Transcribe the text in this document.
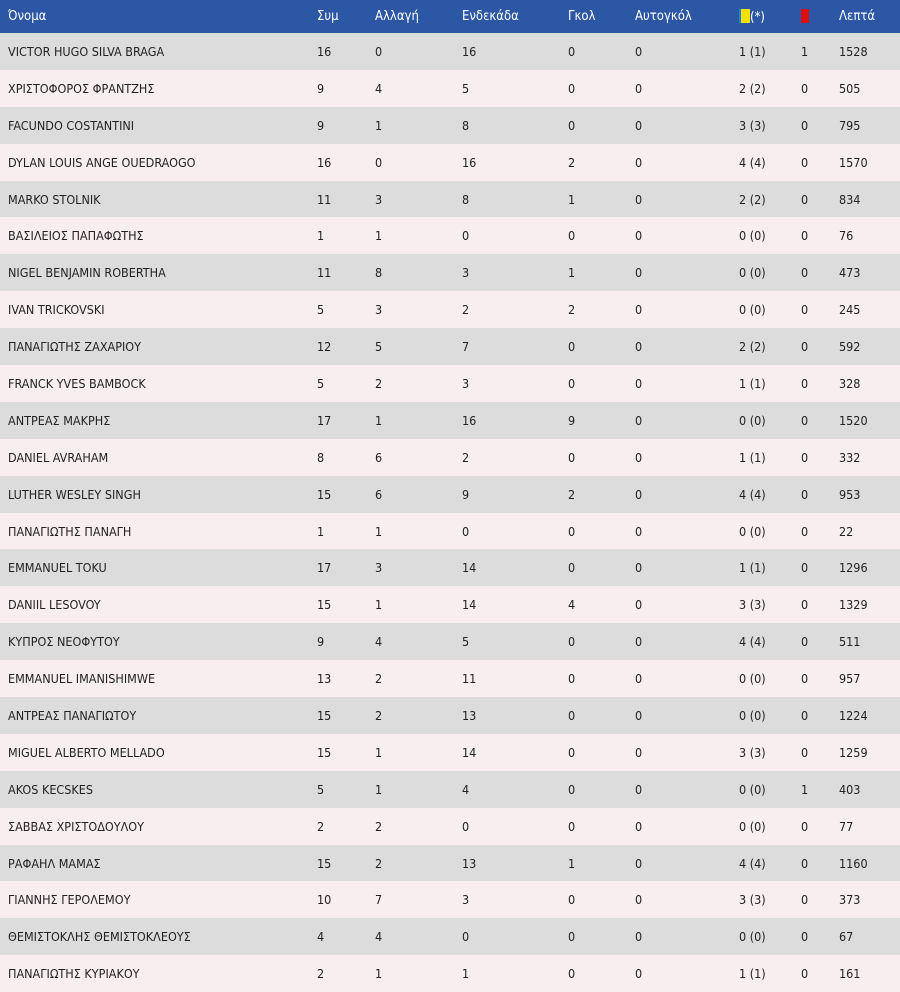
Όνομα	Συμ	Αλλαγή	Ενδεκάδα	Γκολ	Αυτογκόλ	(*)		Λεπτά
VICTOR HUGO SILVA BRAGA	16	0	16	0	0	1 (1)	1	1528
ΧΡΙΣΤΟΦΟΡΟΣ ΦΡΑΝΤΖΗΣ	9	4	5	0	0	2 (2)	0	505
FACUNDO COSTANTINI	9	1	8	0	0	3 (3)	0	795
DYLAN LOUIS ANGE OUEDRAOGO	16	0	16	2	0	4 (4)	0	1570
MARKO STOLNIK	11	3	8	1	0	2 (2)	0	834
ΒΑΣΙΛΕΙΟΣ ΠΑΠΑΦΩΤΗΣ	1	1	0	0	0	0 (0)	0	76
NIGEL BENJAMIN ROBERTHA	11	8	3	1	0	0 (0)	0	473
IVAN TRICKOVSKI	5	3	2	2	0	0 (0)	0	245
ΠΑΝΑΓΙΩΤΗΣ ΖΑΧΑΡΙΟΥ	12	5	7	0	0	2 (2)	0	592
FRANCK YVES BAMBOCK	5	2	3	0	0	1 (1)	0	328
ΑΝΤΡΕΑΣ ΜΑΚΡΗΣ	17	1	16	9	0	0 (0)	0	1520
DANIEL AVRAHAM	8	6	2	0	0	1 (1)	0	332
LUTHER WESLEY SINGH	15	6	9	2	0	4 (4)	0	953
ΠΑΝΑΓΙΩΤΗΣ ΠΑΝΑΓΗ	1	1	0	0	0	0 (0)	0	22
EMMANUEL TOKU	17	3	14	0	0	1 (1)	0	1296
DANIIL LESOVOY	15	1	14	4	0	3 (3)	0	1329
ΚΥΠΡΟΣ ΝΕΟΦΥΤΟΥ	9	4	5	0	0	4 (4)	0	511
EMMANUEL IMANISHIMWE	13	2	11	0	0	0 (0)	0	957
ΑΝΤΡΕΑΣ ΠΑΝΑΓΙΩΤΟΥ	15	2	13	0	0	0 (0)	0	1224
MIGUEL ALBERTO MELLADO	15	1	14	0	0	3 (3)	0	1259
AKOS KECSKES	5	1	4	0	0	0 (0)	1	403
ΣΑΒΒΑΣ ΧΡΙΣΤΟΔΟΥΛΟΥ	2	2	0	0	0	0 (0)	0	77
ΡΑΦΑΗΛ ΜΑΜΑΣ	15	2	13	1	0	4 (4)	0	1160
ΓΙΑΝΝΗΣ ΓΕΡΟΛΕΜΟΥ	10	7	3	0	0	3 (3)	0	373
ΘΕΜΙΣΤΟΚΛΗΣ ΘΕΜΙΣΤΟΚΛΕΟΥΣ	4	4	0	0	0	0 (0)	0	67
ΠΑΝΑΓΙΩΤΗΣ ΚΥΡΙΑΚΟΥ	2	1	1	0	0	1 (1)	0	161
